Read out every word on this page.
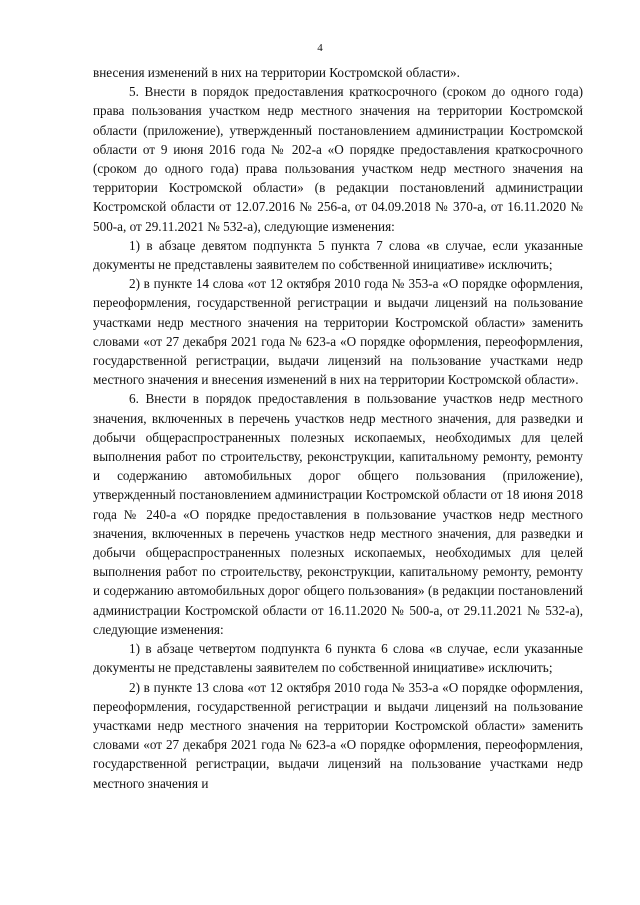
4

внесения изменений в них на территории Костромской области».

5. Внести в порядок предоставления краткосрочного (сроком до одного года) права пользования участком недр местного значения на территории Костромской области (приложение), утвержденный постановлением администрации Костромской области от 9 июня 2016 года № 202-а «О порядке предоставления краткосрочного (сроком до одного года) права пользования участком недр местного значения на территории Костромской области» (в редакции постановлений администрации Костромской области от 12.07.2016 № 256-а, от 04.09.2018 № 370-а, от 16.11.2020 № 500-а, от 29.11.2021 № 532-а), следующие изменения:

1) в абзаце девятом подпункта 5 пункта 7 слова «в случае, если указанные документы не представлены заявителем по собственной инициативе» исключить;

2) в пункте 14 слова «от 12 октября 2010 года № 353-а «О порядке оформления, переоформления, государственной регистрации и выдачи лицензий на пользование участками недр местного значения на территории Костромской области» заменить словами «от 27 декабря 2021 года № 623-а «О порядке оформления, переоформления, государственной регистрации, выдачи лицензий на пользование участками недр местного значения и внесения изменений в них на территории Костромской области».

6. Внести в порядок предоставления в пользование участков недр местного значения, включенных в перечень участков недр местного значения, для разведки и добычи общераспространенных полезных ископаемых, необходимых для целей выполнения работ по строительству, реконструкции, капитальному ремонту, ремонту и содержанию автомобильных дорог общего пользования (приложение), утвержденный постановлением администрации Костромской области от 18 июня 2018 года № 240-а «О порядке предоставления в пользование участков недр местного значения, включенных в перечень участков недр местного значения, для разведки и добычи общераспространенных полезных ископаемых, необходимых для целей выполнения работ по строительству, реконструкции, капитальному ремонту, ремонту и содержанию автомобильных дорог общего пользования» (в редакции постановлений администрации Костромской области от 16.11.2020 № 500-а, от 29.11.2021 № 532-а), следующие изменения:

1) в абзаце четвертом подпункта 6 пункта 6 слова «в случае, если указанные документы не представлены заявителем по собственной инициативе» исключить;

2) в пункте 13 слова «от 12 октября 2010 года № 353-а «О порядке оформления, переоформления, государственной регистрации и выдачи лицензий на пользование участками недр местного значения на территории Костромской области» заменить словами «от 27 декабря 2021 года № 623-а «О порядке оформления, переоформления, государственной регистрации, выдачи лицензий на пользование участками недр местного значения и
